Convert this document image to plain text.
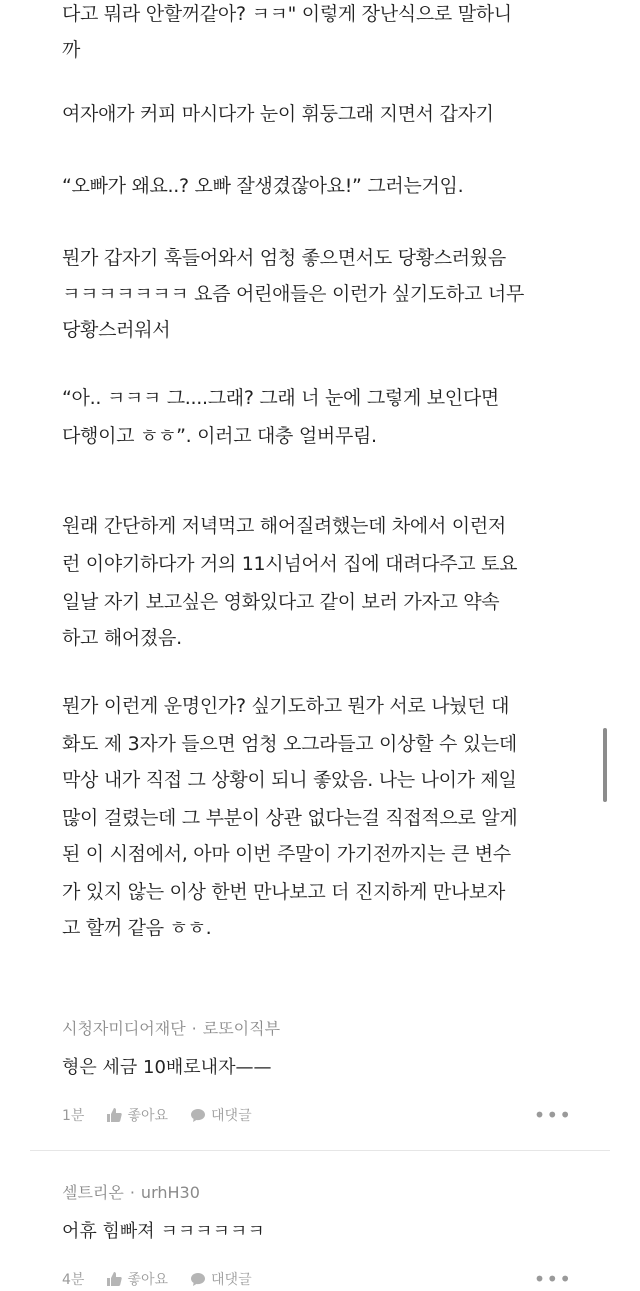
다고 뭐라 안할꺼같아? ㅋㅋ" 이렇게 장난식으로 말하니
까
여자애가 커피 마시다가 눈이 휘둥그래 지면서 갑자기
“오빠가 왜요..? 오빠 잘생겼잖아요!” 그러는거임.
뭔가 갑자기 훅들어와서 엄청 좋으면서도 당황스러웠음
ㅋㅋㅋㅋㅋㅋㅋ 요즘 어린애들은 이런가 싶기도하고 너무
당황스러워서
“아.. ㅋㅋㅋ 그....그래? 그래 너 눈에 그렇게 보인다면
다행이고 ㅎㅎ”. 이러고 대충 얼버무림.
원래 간단하게 저녁먹고 해어질려했는데 차에서 이런저
런 이야기하다가 거의 11시넘어서 집에 대려다주고 토요
일날 자기 보고싶은 영화있다고 같이 보러 가자고 약속
하고 해어졌음.
뭔가 이런게 운명인가? 싶기도하고 뭔가 서로 나눴던 대
화도 제 3자가 들으면 엄청 오그라들고 이상할 수 있는데
막상 내가 직접 그 상황이 되니 좋았음. 나는 나이가 제일
많이 걸렸는데 그 부분이 상관 없다는걸 직접적으로 알게
된 이 시점에서, 아마 이번 주말이 가기전까지는 큰 변수
가 있지 않는 이상 한번 만나보고 더 진지하게 만나보자
고 할꺼 같음 ㅎㅎ.
시청자미디어재단 · 로또이직부
형은 세금 10배로내자——
1분	좋아요	대댓글	•••
셀트리온 · urhH30
어휴 힘빠져 ㅋㅋㅋㅋㅋㅋ
4분	좋아요	대댓글	•••
